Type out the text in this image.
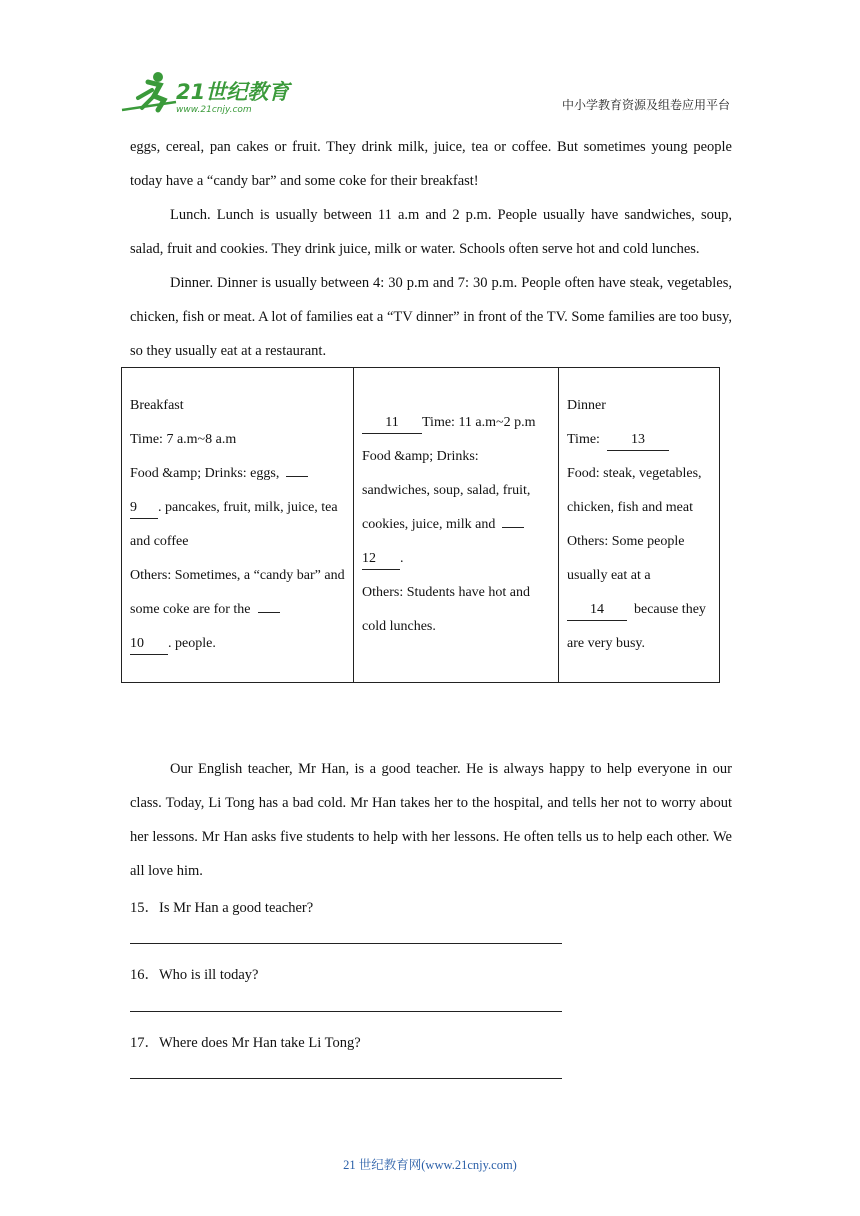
21世纪教育
www.21cnjy.com	中小学教育资源及组卷应用平台
eggs, cereal, pan cakes or fruit. They drink milk, juice, tea or coffee. But sometimes young people today have a “candy bar” and some coke for their breakfast!
Lunch. Lunch is usually between 11 a.m and 2 p.m. People usually have sandwiches, soup, salad, fruit and cookies. They drink juice, milk or water. Schools often serve hot and cold lunches.
Dinner. Dinner is usually between 4: 30 p.m and 7: 30 p.m. People often have steak, vegetables, chicken, fish or meat. A lot of families eat a “TV dinner” in front of the TV. Some families are too busy, so they usually eat at a restaurant.
Breakfast
Time: 7 a.m~8 a.m
Food &amp; Drinks: eggs,
9 . pancakes, fruit, milk, juice, tea and coffee
Others: Sometimes, a “candy bar” and some coke are for the
10 . people.	11 Time: 11 a.m~2 p.m
Food &amp; Drinks: sandwiches, soup, salad, fruit, cookies, juice, milk and
12 .
Others: Students have hot and cold lunches.	Dinner
Time: 13
Food: steak, vegetables, chicken, fish and meat
Others: Some people usually eat at a
14 because they are very busy.
Our English teacher, Mr Han, is a good teacher. He is always happy to help everyone in our class. Today, Li Tong has a bad cold. Mr Han takes her to the hospital, and tells her not to worry about her lessons. Mr Han asks five students to help with her lessons. He often tells us to help each other. We all love him.
15．Is Mr Han a good teacher?
16．Who is ill today?
17．Where does Mr Han take Li Tong?
21 世纪教育网(www.21cnjy.com)
